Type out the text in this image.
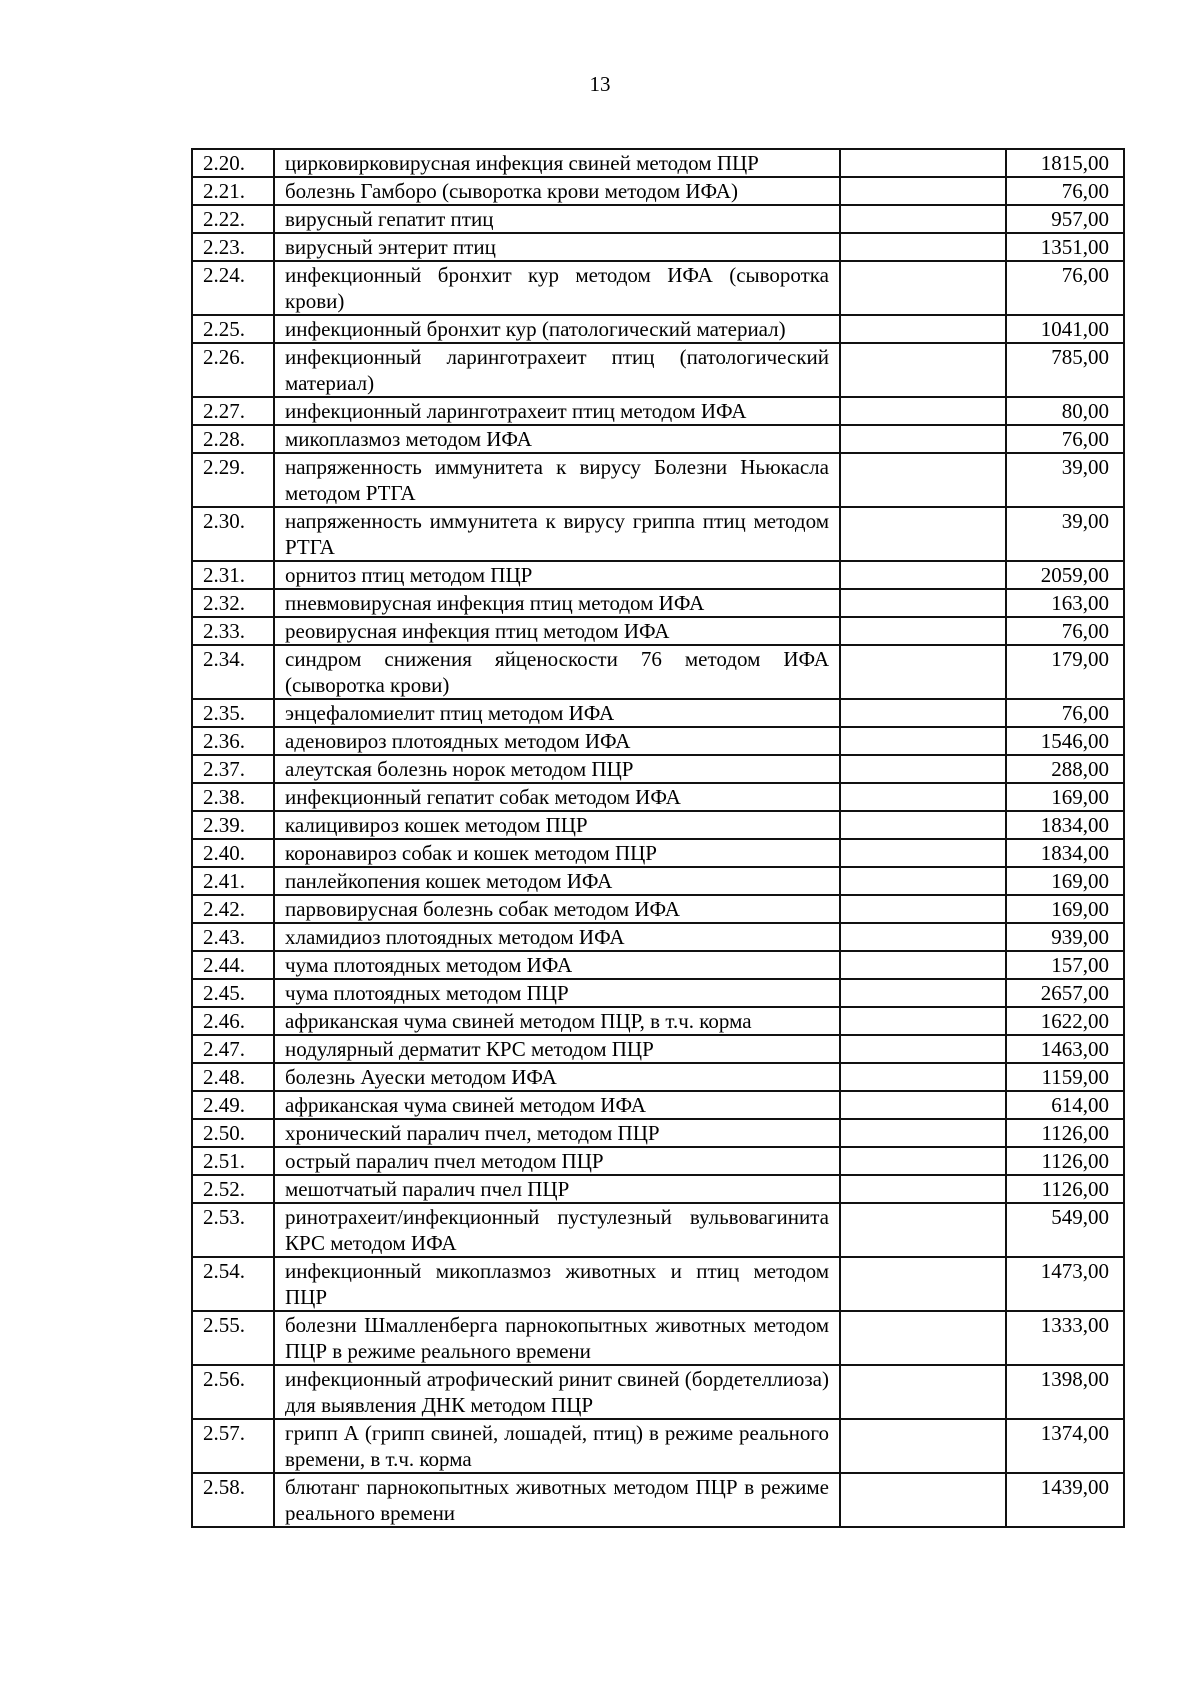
13
2.20.	цирковирковирусная инфекция свиней методом ПЦР		1815,00
2.21.	болезнь Гамборо (сыворотка крови методом ИФА)		76,00
2.22.	вирусный гепатит птиц		957,00
2.23.	вирусный энтерит птиц		1351,00
2.24.	инфекционный бронхит кур методом ИФА (сыворотка крови)		76,00
2.25.	инфекционный бронхит кур (патологический материал)		1041,00
2.26.	инфекционный ларинготрахеит птиц (патологический материал)		785,00
2.27.	инфекционный ларинготрахеит птиц методом ИФА		80,00
2.28.	микоплазмоз методом ИФА		76,00
2.29.	напряженность иммунитета к вирусу Болезни Ньюкасла методом РТГА		39,00
2.30.	напряженность иммунитета к вирусу гриппа птиц методом РТГА		39,00
2.31.	орнитоз птиц методом ПЦР		2059,00
2.32.	пневмовирусная инфекция птиц методом ИФА		163,00
2.33.	реовирусная инфекция птиц методом ИФА		76,00
2.34.	синдром снижения яйценоскости 76 методом ИФА (сыворотка крови)		179,00
2.35.	энцефаломиелит птиц методом ИФА		76,00
2.36.	аденовироз плотоядных методом ИФА		1546,00
2.37.	алеутская болезнь норок методом ПЦР		288,00
2.38.	инфекционный гепатит собак методом ИФА		169,00
2.39.	калицивироз кошек методом ПЦР		1834,00
2.40.	коронавироз собак и кошек методом ПЦР		1834,00
2.41.	панлейкопения кошек методом ИФА		169,00
2.42.	парвовирусная болезнь собак методом ИФА		169,00
2.43.	хламидиоз плотоядных методом ИФА		939,00
2.44.	чума плотоядных методом ИФА		157,00
2.45.	чума плотоядных методом ПЦР		2657,00
2.46.	африканская чума свиней методом ПЦР, в т.ч. корма		1622,00
2.47.	нодулярный дерматит КРС методом ПЦР		1463,00
2.48.	болезнь Ауески методом ИФА		1159,00
2.49.	африканская чума свиней методом ИФА		614,00
2.50.	хронический паралич пчел, методом ПЦР		1126,00
2.51.	острый паралич пчел методом ПЦР		1126,00
2.52.	мешотчатый паралич пчел ПЦР		1126,00
2.53.	ринотрахеит/инфекционный пустулезный вульвовагинита КРС методом ИФА		549,00
2.54.	инфекционный микоплазмоз животных и птиц методом ПЦР		1473,00
2.55.	болезни Шмалленберга парнокопытных животных методом ПЦР в режиме реального времени		1333,00
2.56.	инфекционный атрофический ринит свиней (бордетеллиоза) для выявления ДНК методом ПЦР		1398,00
2.57.	грипп А (грипп свиней, лошадей, птиц) в режиме реального времени, в т.ч. корма		1374,00
2.58.	блютанг парнокопытных животных методом ПЦР в режиме реального времени		1439,00
